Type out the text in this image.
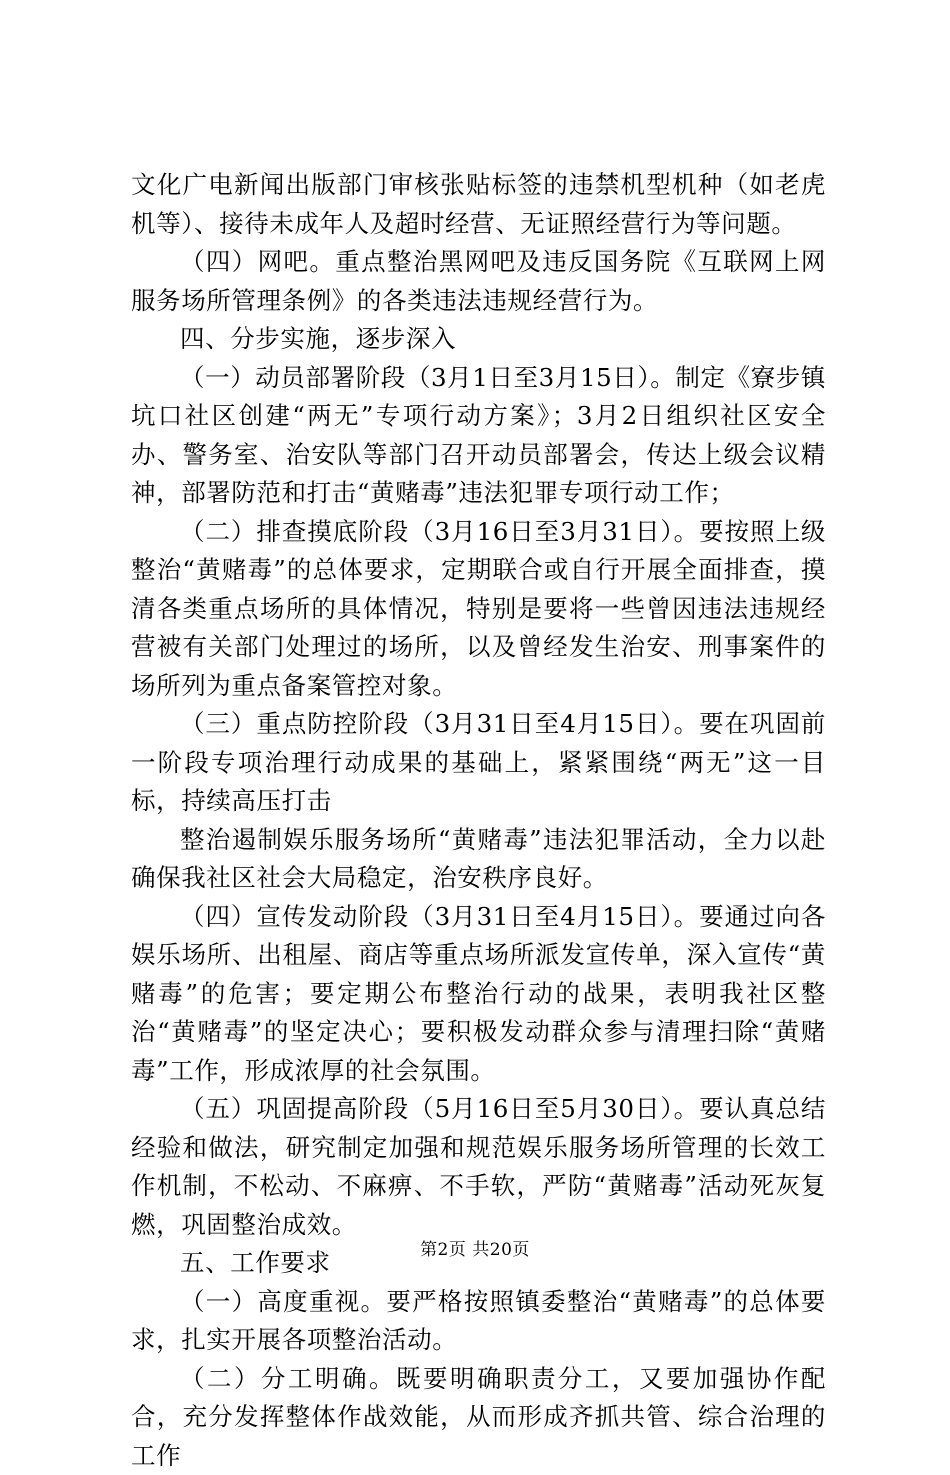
文化广电新闻出版部门审核张贴标签的违禁机型机种（如老虎机等）、接待未成年人及超时经营、无证照经营行为等问题。

（四）网吧。重点整治黑网吧及违反国务院《互联网上网服务场所管理条例》的各类违法违规经营行为。

四、分步实施，逐步深入

（一）动员部署阶段（3月1日至3月15日）。制定《寮步镇坑口社区创建“两无”专项行动方案》；3月2日组织社区安全办、警务室、治安队等部门召开动员部署会，传达上级会议精神，部署防范和打击“黄赌毒”违法犯罪专项行动工作；

（二）排查摸底阶段（3月16日至3月31日）。要按照上级整治“黄赌毒”的总体要求，定期联合或自行开展全面排查，摸清各类重点场所的具体情况，特别是要将一些曾因违法违规经营被有关部门处理过的场所，以及曾经发生治安、刑事案件的场所列为重点备案管控对象。

（三）重点防控阶段（3月31日至4月15日）。要在巩固前一阶段专项治理行动成果的基础上，紧紧围绕“两无”这一目标，持续高压打击

整治遏制娱乐服务场所“黄赌毒”违法犯罪活动，全力以赴确保我社区社会大局稳定，治安秩序良好。

（四）宣传发动阶段（3月31日至4月15日）。要通过向各娱乐场所、出租屋、商店等重点场所派发宣传单，深入宣传“黄赌毒”的危害；要定期公布整治行动的战果，表明我社区整治“黄赌毒”的坚定决心；要积极发动群众参与清理扫除“黄赌毒”工作，形成浓厚的社会氛围。

（五）巩固提高阶段（5月16日至5月30日）。要认真总结经验和做法，研究制定加强和规范娱乐服务场所管理的长效工作机制，不松动、不麻痹、不手软，严防“黄赌毒”活动死灰复燃，巩固整治成效。

五、工作要求

（一）高度重视。要严格按照镇委整治“黄赌毒”的总体要求，扎实开展各项整治活动。

（二）分工明确。既要明确职责分工，又要加强协作配合，充分发挥整体作战效能，从而形成齐抓共管、综合治理的工作

第2页 共20页
